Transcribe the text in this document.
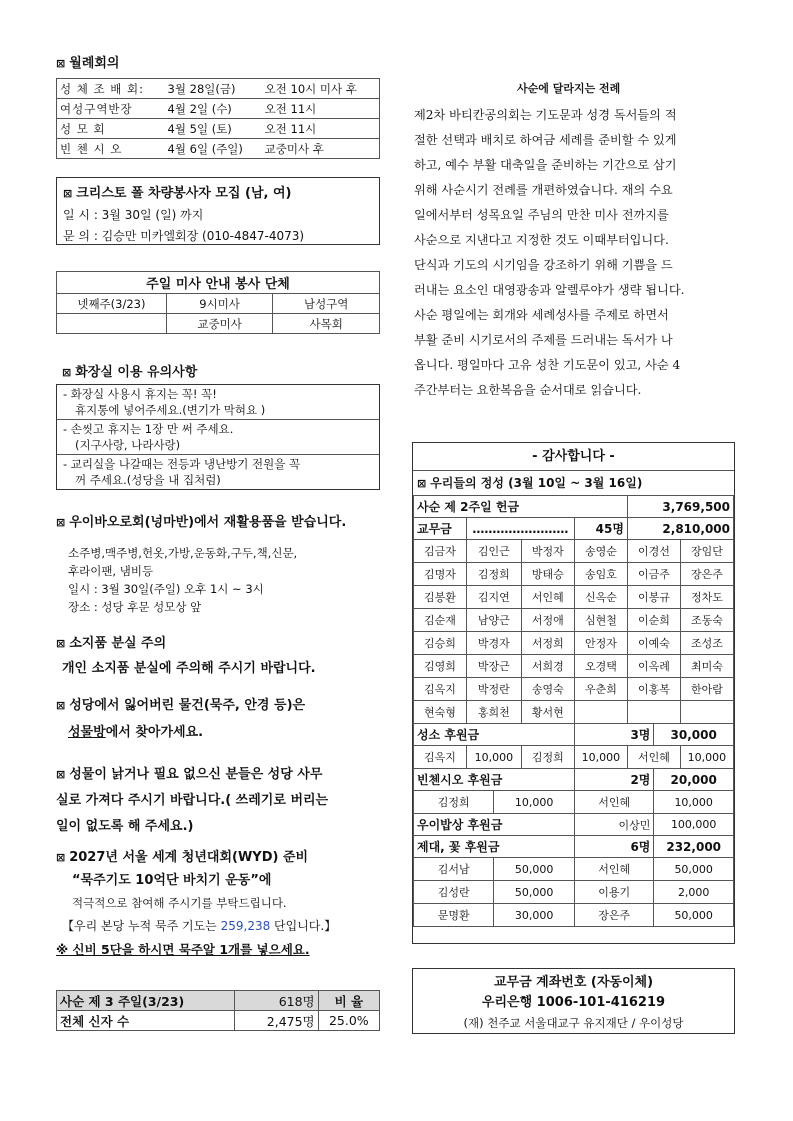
⊠ 월례회의
성 체 조 배 회:	3월 28일(금)	오전 10시 미사 후
여성구역반장	4월 2일 (수)	오전 11시
성 모 회	4월 5일 (토)	오전 11시
빈 첸 시 오	4월 6일 (주일)	교중미사 후
⊠ 크리스토 폴 차량봉사자 모집 (남, 여)
일 시 : 3월 30일 (일) 까지
문 의 : 김승만 미카엘회장 (010-4847-4073)
주일 미사 안내 봉사 단체		
넷째주(3/23)	9시미사	남성구역
	교중미사	사목회
⊠ 화장실 이용 유의사항
- 화장실 사용시 휴지는 꼭! 꼭!
휴지통에 넣어주세요.(변기가 막혀요 )
- 손씻고 휴지는 1장 만 써 주세요.
(지구사랑, 나라사랑)
- 교리실을 나갈때는 전등과 냉난방기 전원을 꼭
꺼 주세요.(성당을 내 집처럼)
⊠ 우이바오로회(넝마반)에서 재활용품을 받습니다.
소주병,맥주병,헌옷,가방,운동화,구두,책,신문,
후라이팬, 냄비등
일시 : 3월 30일(주일) 오후 1시 ~ 3시
장소 : 성당 후문 성모상 앞
⊠ 소지품 분실 주의
개인 소지품 분실에 주의해 주시기 바랍니다.
⊠ 성당에서 잃어버린 물건(묵주, 안경 등)은
성물방에서 찾아가세요.
⊠ 성물이 낡거나 필요 없으신 분들은 성당 사무
실로 가져다 주시기 바랍니다.( 쓰레기로 버리는
일이 없도록 해 주세요.)
⊠ 2027년 서울 세계 청년대회(WYD) 준비
“묵주기도 10억단 바치기 운동”에
적극적으로 참여해 주시기를 부탁드립니다.
【우리 본당 누적 묵주 기도는 259,238 단입니다.】
※ 신비 5단을 하시면 묵주알 1개를 넣으세요.
사순 제 3 주일(3/23)	618명	비 율
전체 신자 수	2,475명	25.0%
사순에 달라지는 전례
제2차 바티칸공의회는 기도문과 성경 독서들의 적
절한 선택과 배치로 하여금 세례를 준비할 수 있게
하고, 예수 부활 대축일을 준비하는 기간으로 삼기
위해 사순시기 전례를 개편하였습니다. 재의 수요
일에서부터 성목요일 주님의 만찬 미사 전까지를
사순으로 지낸다고 지정한 것도 이때부터입니다.
단식과 기도의 시기임을 강조하기 위해 기쁨을 드
러내는 요소인 대영광송과 알렐루야가 생략 됩니다.
사순 평일에는 회개와 세례성사를 주제로 하면서
부활 준비 시기로서의 주제를 드러내는 독서가 나
옵니다. 평일마다 고유 성찬 기도문이 있고, 사순 4
주간부터는 요한복음을 순서대로 읽습니다.
- 감사합니다 -
⊠ 우리들의 정성 (3월 10일 ~ 3월 16일)

사순 제 2주일 헌금								3,769,500			
교무금		……………………				45명		2,810,000			
김금자		김인근		박정자		송영순		이경선		장임단	
김명자		김정희		방태승		송임호		이금주		장은주	
김봉환		김지연		서인혜		신옥순		이봉규		정차도	
김순재		남양근		서정애		심현철		이순희		조동숙	
김승희		박경자		서정희		안정자		이예숙		조성조	
김영희		박장근		서희경		오경택		이옥례		최미숙	
김옥지		박정란		송영숙		우춘희		이홍복		한아람	
현숙형		홍희천		황서현							
성소 후원금						3명			30,000		
김옥지		10,000		김정희		10,000		서인혜		10,000	
빈첸시오 후원금						2명			20,000		
김정희			10,000			서인혜			10,000		
우이밥상 후원금						이상민			100,000		
제대, 꽃 후원금						6명			232,000		
김서남			50,000			서인혜			50,000		
김성란			50,000			이용기			2,000		
문명환			30,000			장은주			50,000		
교무금 계좌번호 (자동이체)
우리은행 1006-101-416219
(재) 천주교 서울대교구 유지재단 / 우이성당
